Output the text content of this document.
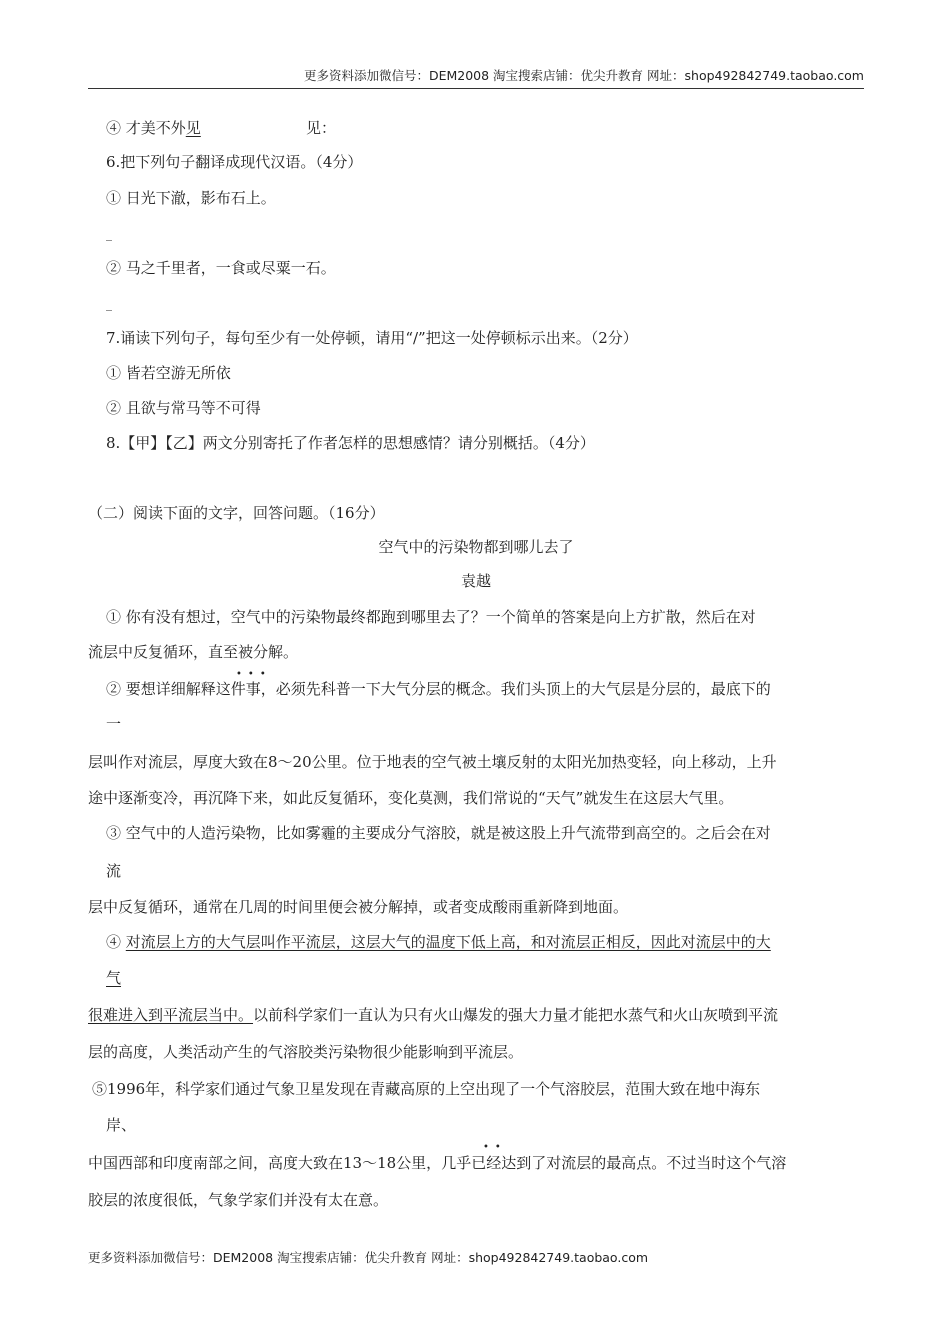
更多资料添加微信号：DEM2008 淘宝搜索店铺：优尖升教育 网址：shop492842749.taobao.com
④ 才美不外见	见：
6.把下列句子翻译成现代汉语。（4分）
① 日光下澈，影布石上。
_
② 马之千里者，一食或尽粟一石。
_
7.诵读下列句子，每句至少有一处停顿，请用“/”把这一处停顿标示出来。（2分）
① 皆若空游无所依
② 且欲与常马等不可得
8.【甲】【乙】两文分别寄托了作者怎样的思想感情？请分别概括。（4分）
（二）阅读下面的文字，回答问题。（16分）
空气中的污染物都到哪儿去了
袁越
① 你有没有想过，空气中的污染物最终都跑到哪里去了？一个简单的答案是向上方扩散，然后在对
流层中反复循环，直至被分解。
•••
② 要想详细解释这件事，必须先科普一下大气分层的概念。我们头顶上的大气层是分层的，最底下的
一
层叫作对流层，厚度大致在8～20公里。位于地表的空气被土壤反射的太阳光加热变轻，向上移动，上升
途中逐渐变冷，再沉降下来，如此反复循环，变化莫测，我们常说的“天气”就发生在这层大气里。
③ 空气中的人造污染物，比如雾霾的主要成分气溶胶，就是被这股上升气流带到高空的。之后会在对
流
层中反复循环，通常在几周的时间里便会被分解掉，或者变成酸雨重新降到地面。
④ 对流层上方的大气层叫作平流层，这层大气的温度下低上高，和对流层正相反，因此对流层中的大
气
很难进入到平流层当中。以前科学家们一直认为只有火山爆发的强大力量才能把水蒸气和火山灰喷到平流
层的高度，人类活动产生的气溶胶类污染物很少能影响到平流层。
⑤1996年，科学家们通过气象卫星发现在青藏高原的上空出现了一个气溶胶层，范围大致在地中海东
岸、
••
中国西部和印度南部之间，高度大致在13～18公里，几乎已经达到了对流层的最高点。不过当时这个气溶
胶层的浓度很低，气象学家们并没有太在意。
更多资料添加微信号：DEM2008 淘宝搜索店铺：优尖升教育 网址：shop492842749.taobao.com
